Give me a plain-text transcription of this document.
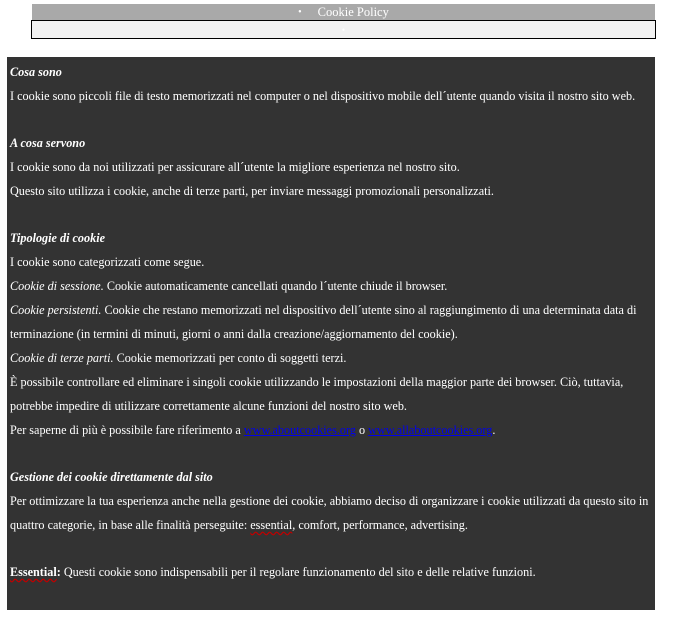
• Cookie Policy
•

Cosa sono

I cookie sono piccoli file di testo memorizzati nel computer o nel dispositivo mobile dell´utente quando visita il nostro sito web.

A cosa servono

I cookie sono da noi utilizzati per assicurare all´utente la migliore esperienza nel nostro sito.

Questo sito utilizza i cookie, anche di terze parti, per inviare messaggi promozionali personalizzati.

Tipologie di cookie

I cookie sono categorizzati come segue.

Cookie di sessione. Cookie automaticamente cancellati quando l´utente chiude il browser.

Cookie persistenti. Cookie che restano memorizzati nel dispositivo dell´utente sino al raggiungimento di una determinata data di terminazione (in termini di minuti, giorni o anni dalla creazione/aggiornamento del cookie).

Cookie di terze parti. Cookie memorizzati per conto di soggetti terzi.

È possibile controllare ed eliminare i singoli cookie utilizzando le impostazioni della maggior parte dei browser. Ciò, tuttavia, potrebbe impedire di utilizzare correttamente alcune funzioni del nostro sito web.

Per saperne di più è possibile fare riferimento a www.aboutcookies.org o www.allaboutcookies.org.

Gestione dei cookie direttamente dal sito

Per ottimizzare la tua esperienza anche nella gestione dei cookie, abbiamo deciso di organizzare i cookie utilizzati da questo sito in quattro categorie, in base alle finalità perseguite: essential, comfort, performance, advertising.

Essential: Questi cookie sono indispensabili per il regolare funzionamento del sito e delle relative funzioni.
